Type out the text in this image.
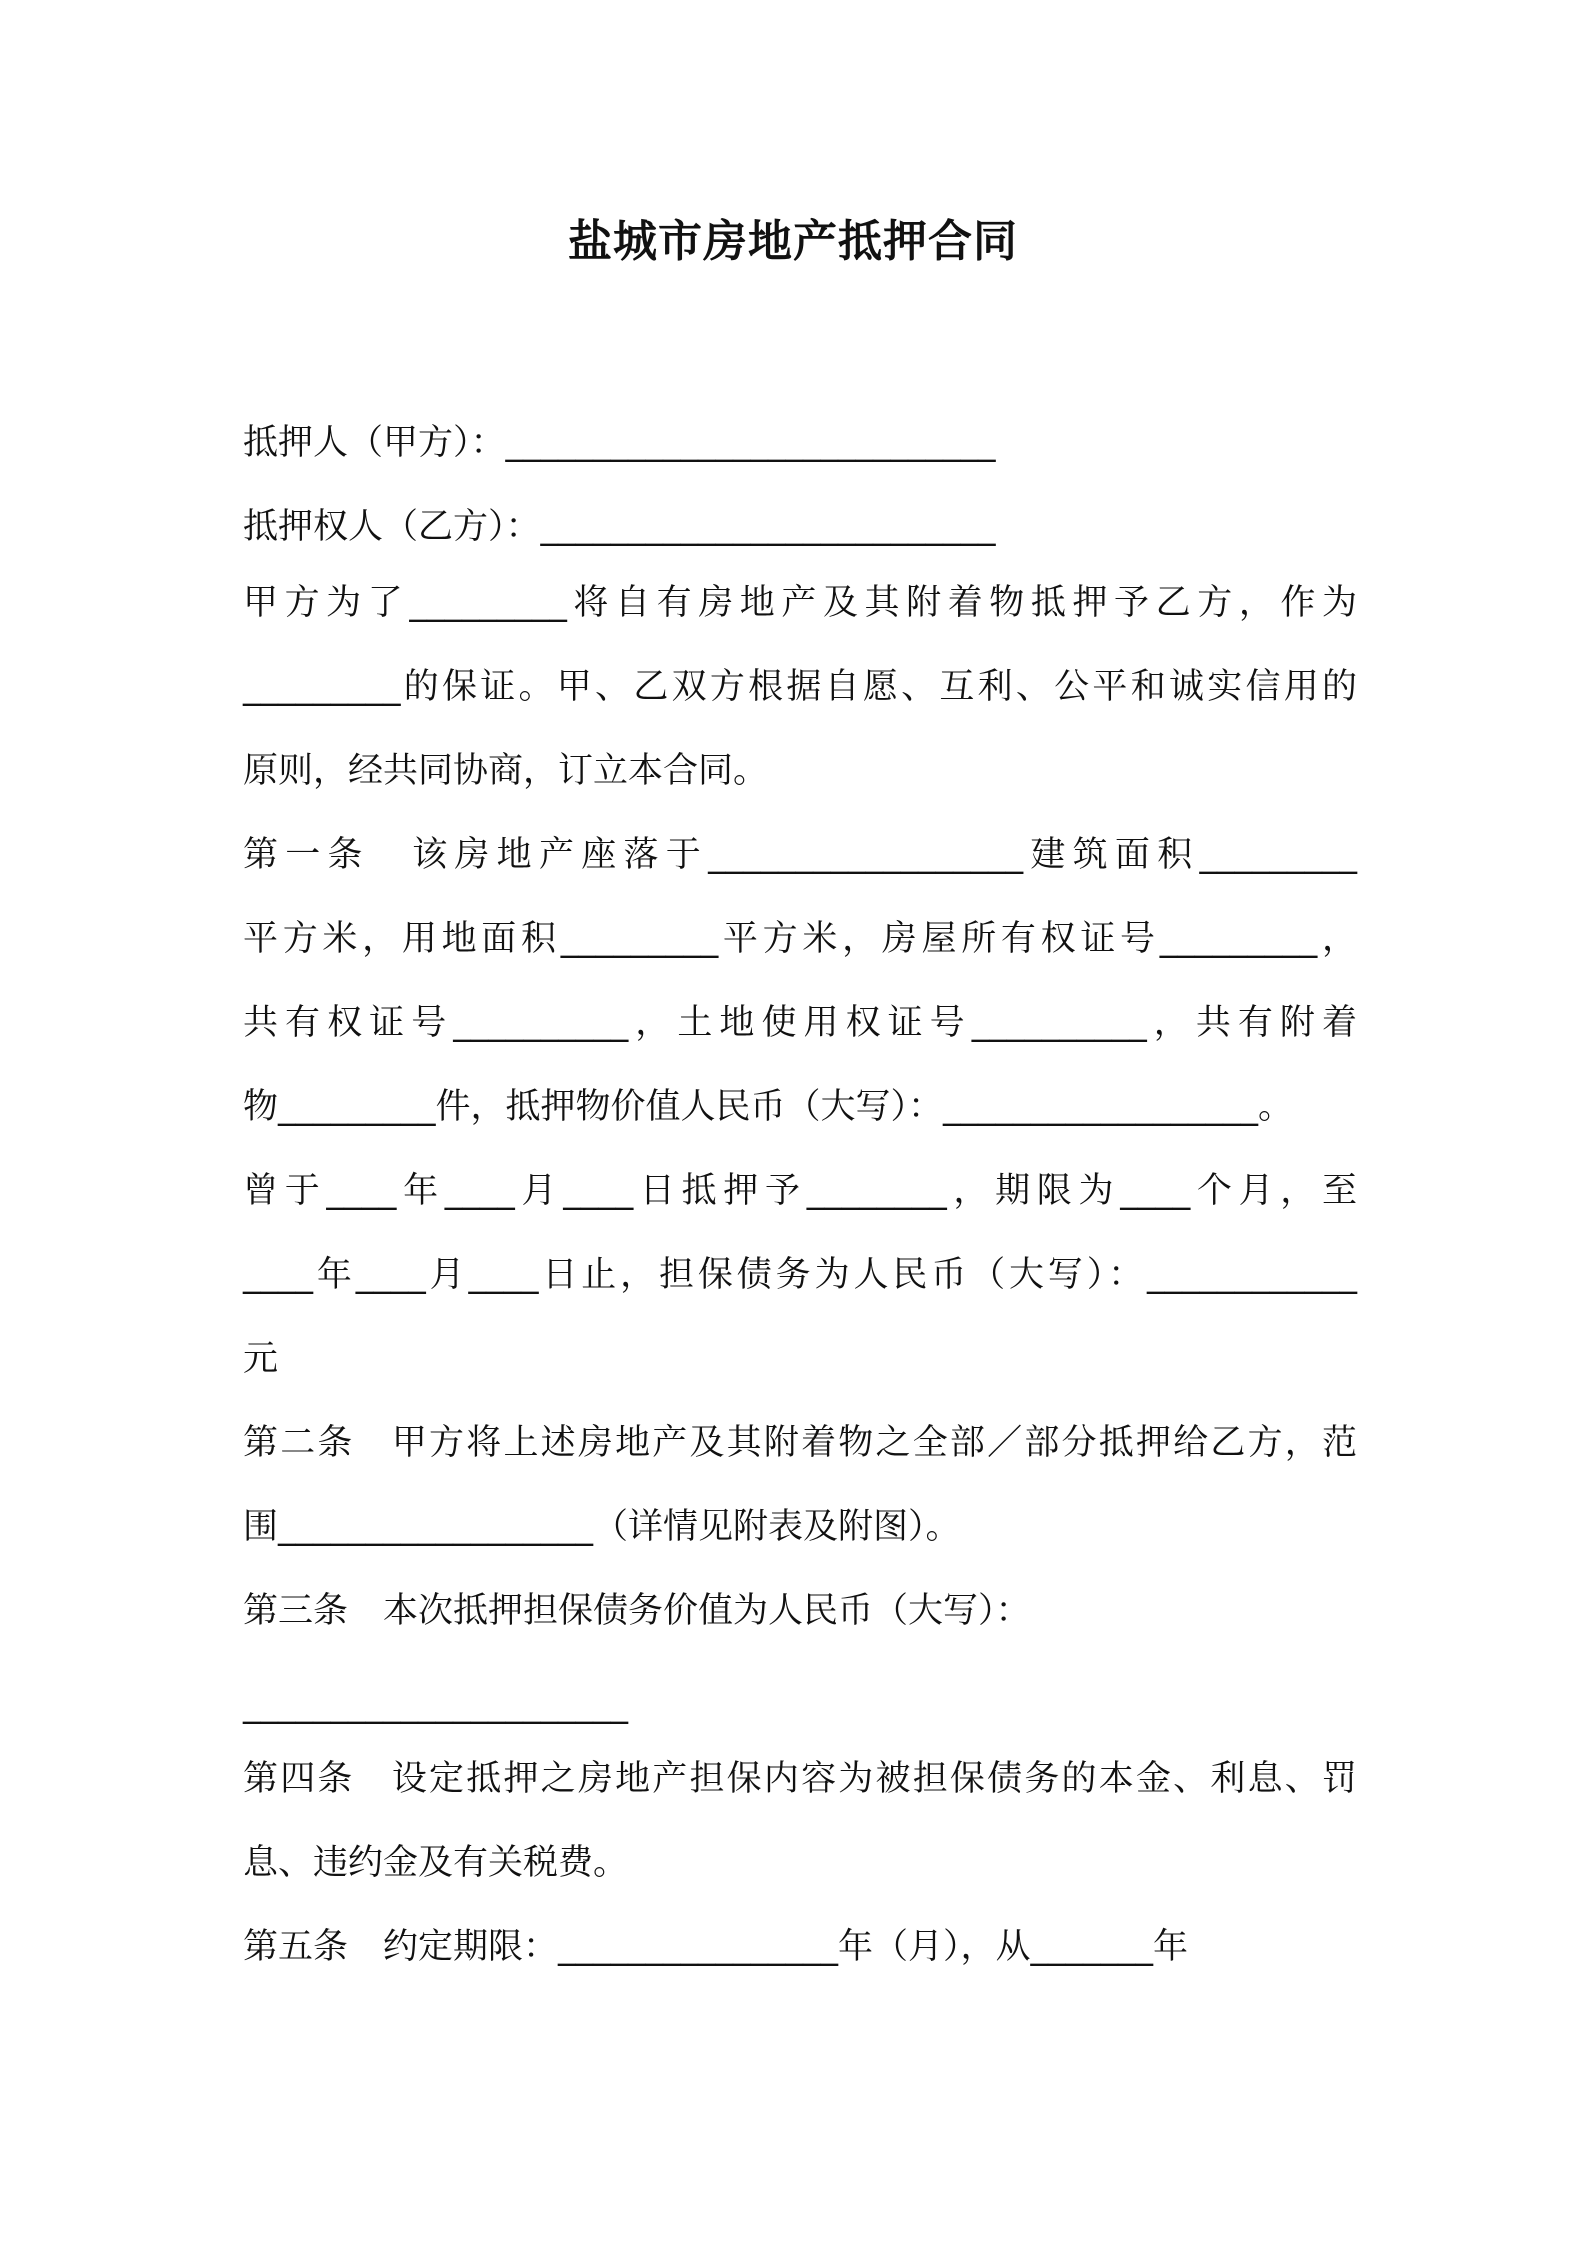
盐城市房地产抵押合同
抵押人（甲方）：____________________________
抵押权人（乙方）：__________________________
甲方为了_________将自有房地产及其附着物抵押予乙方，作为
_________的保证。甲、乙双方根据自愿、互利、公平和诚实信用的
原则，经共同协商，订立本合同。
第一条　该房地产座落于__________________建筑面积_________
平方米，用地面积_________平方米，房屋所有权证号_________，
共有权证号__________，土地使用权证号__________，共有附着
物_________件，抵押物价值人民币（大写）：__________________。
曾于____年____月____日抵押予________，期限为____个月，至
____年____月____日止，担保债务为人民币（大写）：____________
元
第二条　甲方将上述房地产及其附着物之全部／部分抵押给乙方，范
围__________________（详情见附表及附图）。
第三条　本次抵押担保债务价值为人民币（大写）：
______________________
第四条　设定抵押之房地产担保内容为被担保债务的本金、利息、罚
息、违约金及有关税费。
第五条　约定期限：________________年（月），从_______年
